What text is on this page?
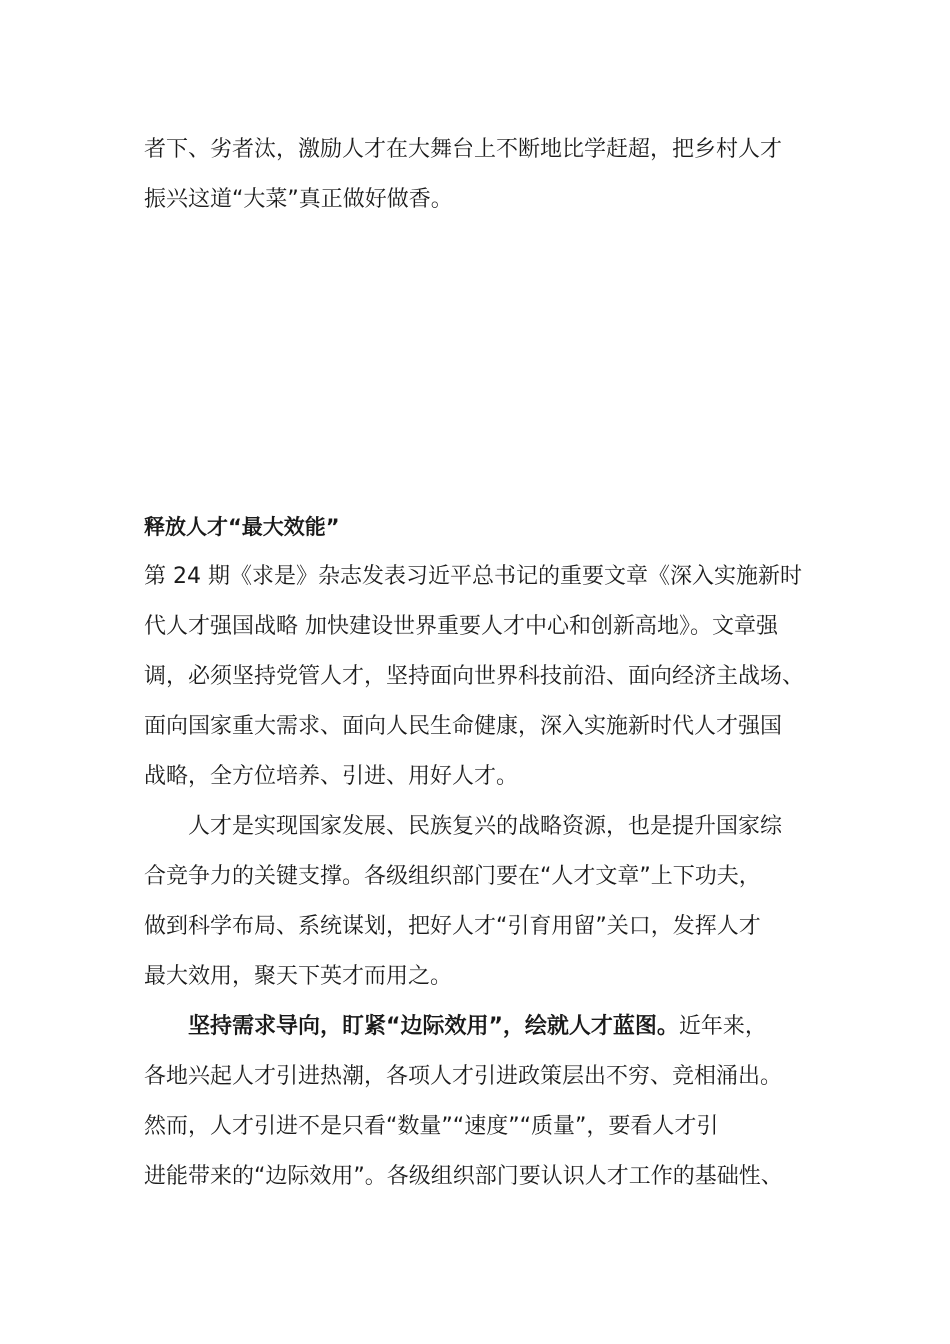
者下、劣者汰，激励人才在大舞台上不断地比学赶超，把乡村人才
振兴这道“大菜”真正做好做香。
释放人才“最大效能”
第 24 期《求是》杂志发表习近平总书记的重要文章《深入实施新时
代人才强国战略 加快建设世界重要人才中心和创新高地》。文章强
调，必须坚持党管人才，坚持面向世界科技前沿、面向经济主战场、
面向国家重大需求、面向人民生命健康，深入实施新时代人才强国
战略，全方位培养、引进、用好人才。
人才是实现国家发展、民族复兴的战略资源，也是提升国家综
合竞争力的关键支撑。各级组织部门要在“人才文章”上下功夫，
做到科学布局、系统谋划，把好人才“引育用留”关口，发挥人才
最大效用，聚天下英才而用之。
坚持需求导向，盯紧“边际效用”，绘就人才蓝图。近年来，
各地兴起人才引进热潮，各项人才引进政策层出不穷、竞相涌出。
然而，人才引进不是只看“数量”“速度”“质量”，要看人才引
进能带来的“边际效用”。各级组织部门要认识人才工作的基础性、
